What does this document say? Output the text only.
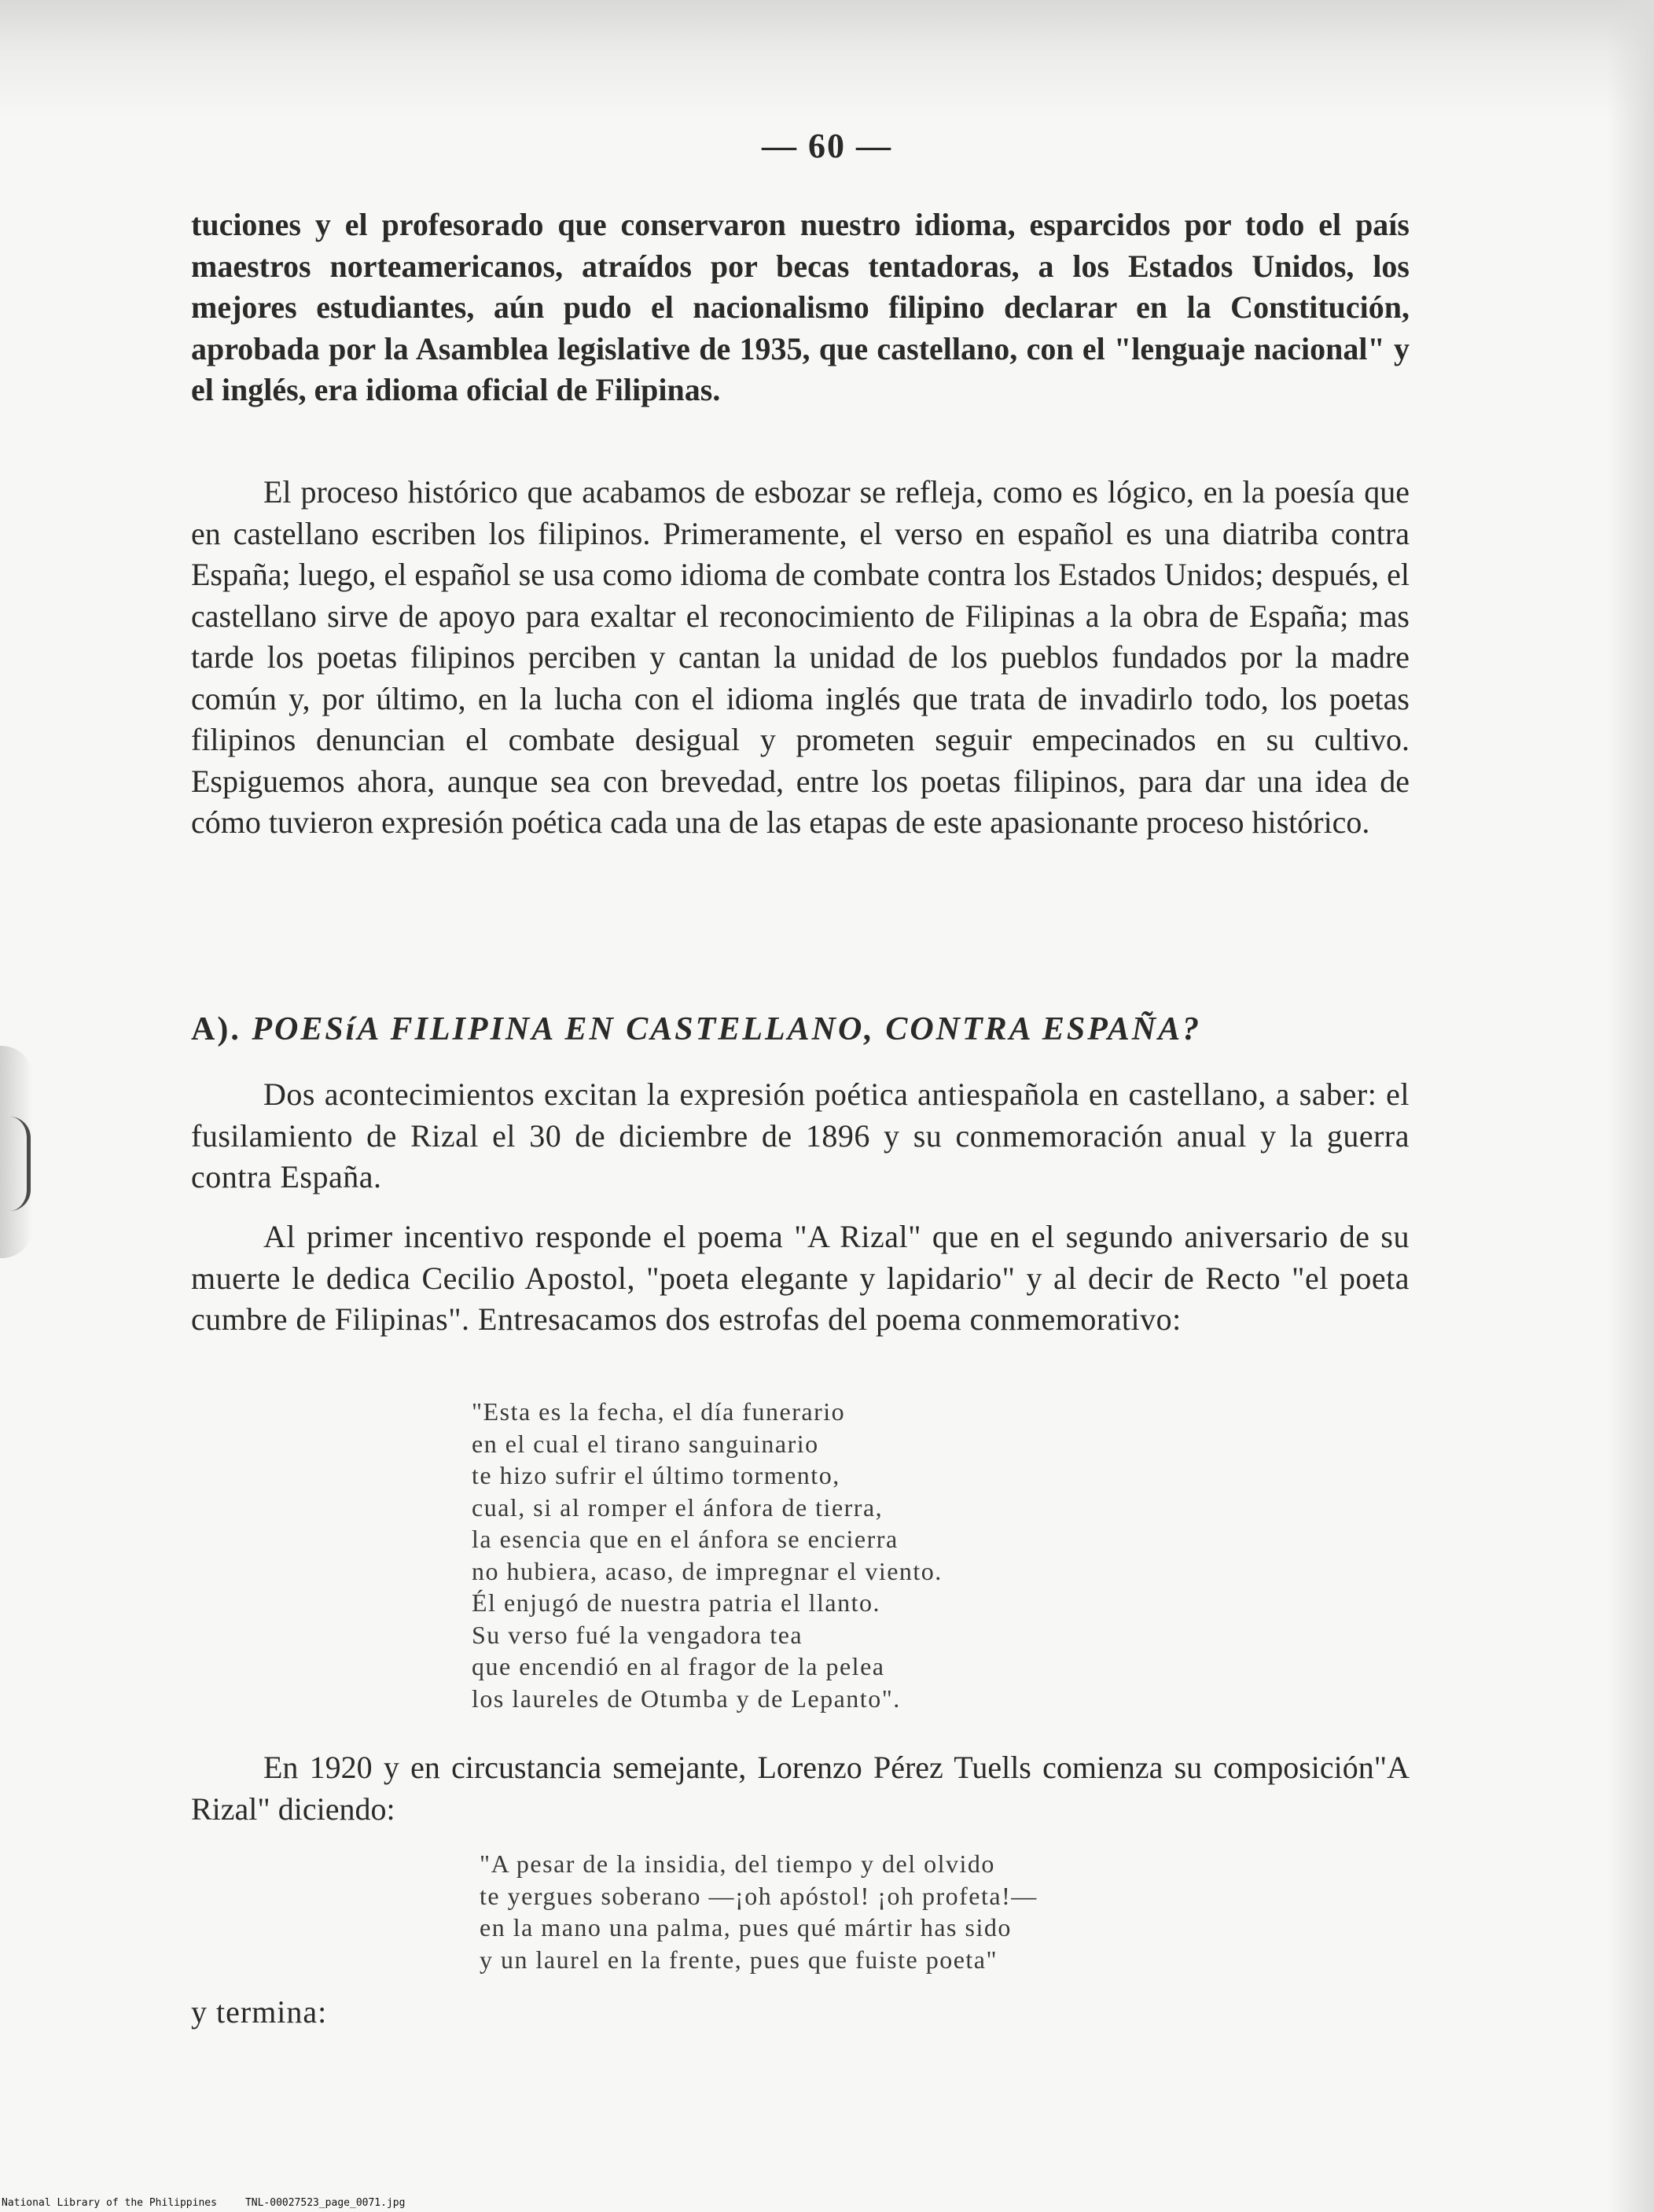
— 60 —

tuciones y el profesorado que conservaron nuestro idioma, esparcidos por todo el país maestros norteamericanos, atraídos por becas tentadoras, a los Estados Unidos, los mejores estudiantes, aún pudo el nacionalismo filipino declarar en la Constitución, aprobada por la Asamblea legislative de 1935, que castellano, con el "lenguaje nacional" y el inglés, era idioma oficial de Filipinas.

El proceso histórico que acabamos de esbozar se refleja, como es lógico, en la poesía que en castellano escriben los filipinos. Primeramente, el verso en español es una diatriba contra España; luego, el español se usa como idioma de combate contra los Estados Unidos; después, el castellano sirve de apoyo para exaltar el reconocimiento de Filipinas a la obra de España; mas tarde los poetas filipinos perciben y cantan la unidad de los pueblos fundados por la madre común y, por último, en la lucha con el idioma inglés que trata de invadirlo todo, los poetas filipinos denuncian el combate desigual y prometen seguir empecinados en su cultivo. Espiguemos ahora, aunque sea con brevedad, entre los poetas filipinos, para dar una idea de cómo tuvieron expresión poética cada una de las etapas de este apasionante proceso histórico.

A). POESíA FILIPINA EN CASTELLANO, CONTRA ESPAÑA?

Dos acontecimientos excitan la expresión poética antiespañola en castellano, a saber: el fusilamiento de Rizal el 30 de diciembre de 1896 y su conmemoración anual y la guerra contra España.

Al primer incentivo responde el poema "A Rizal" que en el segundo aniversario de su muerte le dedica Cecilio Apostol, "poeta elegante y lapidario" y al decir de Recto "el poeta cumbre de Filipinas". Entresacamos dos estrofas del poema conmemorativo:

"Esta es la fecha, el día funerario
en el cual el tirano sanguinario
te hizo sufrir el último tormento,
cual, si al romper el ánfora de tierra,
la esencia que en el ánfora se encierra
no hubiera, acaso, de impregnar el viento.
Él enjugó de nuestra patria el llanto.
Su verso fué la vengadora tea
que encendió en al fragor de la pelea
los laureles de Otumba y de Lepanto".

En 1920 y en circustancia semejante, Lorenzo Pérez Tuells comienza su composición"A Rizal" diciendo:

"A pesar de la insidia, del tiempo y del olvido
te yergues soberano —¡oh apóstol! ¡oh profeta!—
en la mano una palma, pues qué mártir has sido
y un laurel en la frente, pues que fuiste poeta"

y termina:

National Library of the Philippines	TNL-00027523_page_0071.jpg
